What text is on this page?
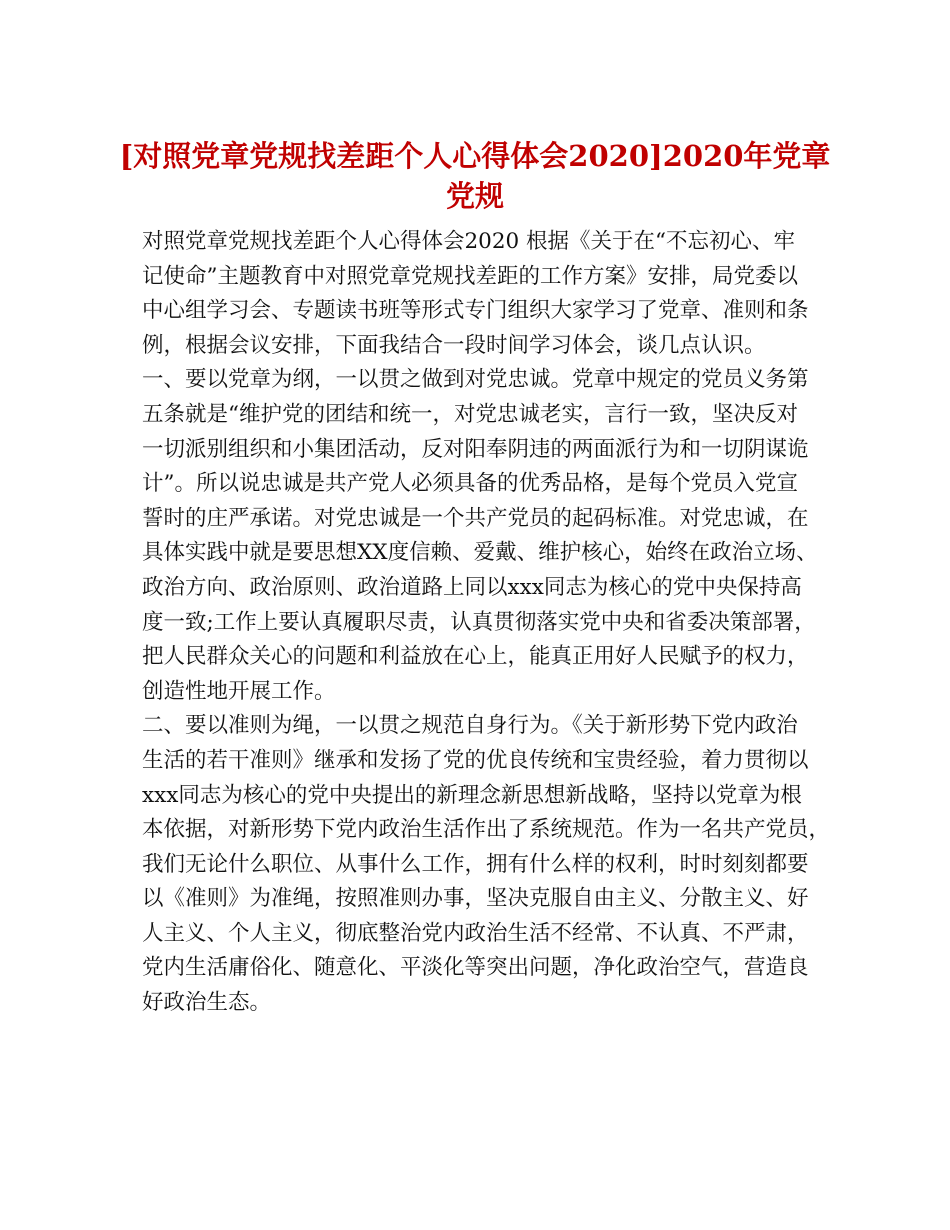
[对照党章党规找差距个人心得体会2020]2020年党章
党规
对照党章党规找差距个人心得体会2020 根据《关于在“不忘初心、牢
记使命”主题教育中对照党章党规找差距的工作方案》安排，局党委以
中心组学习会、专题读书班等形式专门组织大家学习了党章、准则和条
例，根据会议安排，下面我结合一段时间学习体会，谈几点认识。
一、要以党章为纲，一以贯之做到对党忠诚。党章中规定的党员义务第
五条就是“维护党的团结和统一，对党忠诚老实，言行一致，坚决反对
一切派别组织和小集团活动，反对阳奉阴违的两面派行为和一切阴谋诡
计”。所以说忠诚是共产党人必须具备的优秀品格，是每个党员入党宣
誓时的庄严承诺。对党忠诚是一个共产党员的起码标准。对党忠诚，在
具体实践中就是要思想XX度信赖、爱戴、维护核心，始终在政治立场、
政治方向、政治原则、政治道路上同以xxx同志为核心的党中央保持高
度一致;工作上要认真履职尽责，认真贯彻落实党中央和省委决策部署，
把人民群众关心的问题和利益放在心上，能真正用好人民赋予的权力，
创造性地开展工作。
二、要以准则为绳，一以贯之规范自身行为。《关于新形势下党内政治
生活的若干准则》继承和发扬了党的优良传统和宝贵经验，着力贯彻以
xxx同志为核心的党中央提出的新理念新思想新战略，坚持以党章为根
本依据，对新形势下党内政治生活作出了系统规范。作为一名共产党员，
我们无论什么职位、从事什么工作，拥有什么样的权利，时时刻刻都要
以《准则》为准绳，按照准则办事，坚决克服自由主义、分散主义、好
人主义、个人主义，彻底整治党内政治生活不经常、不认真、不严肃，
党内生活庸俗化、随意化、平淡化等突出问题，净化政治空气，营造良
好政治生态。
